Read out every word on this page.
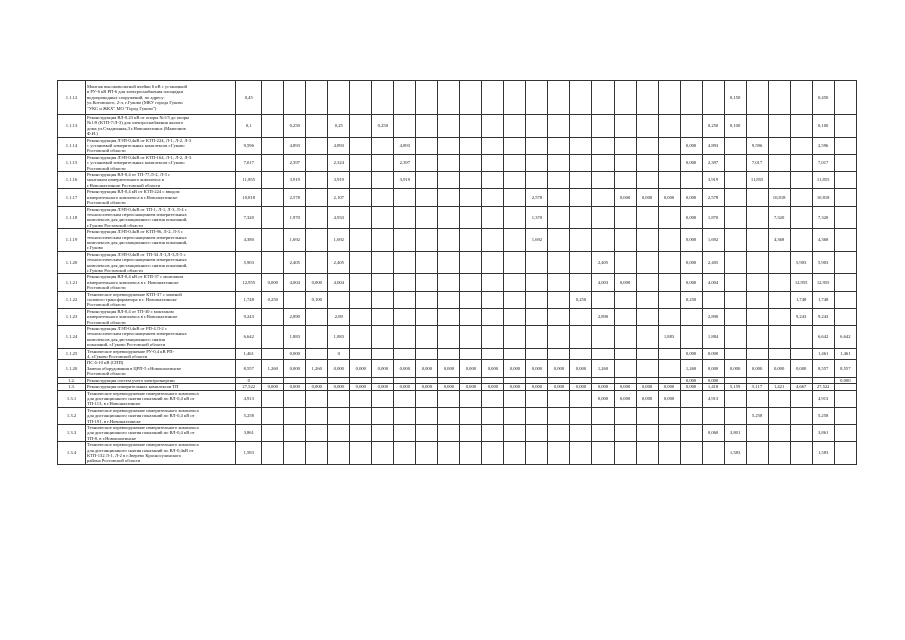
1.1.12	Монтаж высоковольтной ячейки 6 кВ с установкой
в РУ-6 кВ РП-6 для электроснабжения площадки
водопроводных сооружений, по адресу:
ул.Котовского, 2-л, г.Гуково (МКУ города Гуково
"УКС и ЖКХ" МО "Город Гуково")	0,45																						0,150				0,450	
1.1.13	Реконструкция ВЛ-0,23 кВ от опоры №1/5 до опоры
№1/8 (КТП-7/Л-3) для электроснабжения жилого
дома ул.Стадионная,3 г.Новошахтинск (Мажелиов
Ф.И.)	0,1		0,250		0,25		0,250															0,250	0,100				0,100	
1.1.14	Реконструкция ЛЭП-0,4кВ от КТП-224, Л-1, Л-2, Л-3
с установкой измерительных комплексов г.Гуково
Ростовской области	9,596		4,893		4,893			4,893													0,000	4,893		9,596			2,596	
1.1.15	Реконструкция ЛЭП-0,4кВ от КТП-164, Л-1, Л-2, Л-3
с установкой измерительных комплексов г.Гуково
Ростовской области	7,017		2,397		2,324			2,397													0,000	2,397		7,017			7,017	
1.1.16	Реконструкция ВЛ-0,4 от ТП-77,Л-2, Л-3 с
монтажом измерительного комплекса в
г.Новошахтинске Ростовской области	11,855		3,919		3,919			3,919														3,919		11,855			11,855	
1.1.17	Реконструкция ВЛ-0,4 кВ от КТП-224 с вводом
измерительного комплекса в г.Новошахтинске
Ростовской области	10,818		2,578		2,107									2,578				0,000	0,000	0,000	0,000	2,578			10,818		10,818	
1.1.18	Реконструкция ЛЭП-0,4кВ от ТП-1, Л-1, Л-3, Л-4 с
технологическим переоснащением измерительных
комплексов для дистанционного снятия показаний,
г.Гуково Ростовской области	7,320		1,970		4,933									1,370							0,000	1,870			7,320		7,320	
1.1.19	Реконструкция ЛЭП-0,4кВ от КТП-96, Л-2, Л-3 с
технологическим переоснащением измерительных
комплексов для дистанционного снятия показаний,
г.Гуково	4,380		1,692		1,692									1,692							0,000	1,692			4,368		4,368	
1.1.20	Реконструкция ЛЭП-0,4кВ от ТП-34 Л-1,Л-3,Л-5 с
технологическим переоснащением измерительных
комплексов для дистанционного снятия показаний,
г.Гуково Ростовской области	5,903		2,405		2,405												2,405				0,000	2,405				5,903	5,903	
1.1.21	Реконструкция ВЛ-0,4 кВ от КТП-37 с монтажом
измерительного комплекса в г. Новошахтинске
Ростовской области	12,955	0,000	4,004	0,000	4,004												4,003	0,000			0,000	4,004				12,955	12,955	
1.1.22	Техническое перевооружение КТП-37 с заменой
силового трансформатора в г. Новошахтинске
Ростовской области	1,748	0,250		0,100												0,250					0,250					1,748	1,748	
1.1.23	Реконструкция ВЛ-0,4 от ТП-30 с монтажом
измерительного комплекса в г.Новошахтинске
Ростовской области	9,243		2,890		2,89												2,890					2,890				9,243	9,243	
1.1.24	Реконструкция ЛЭП-0,4кВ от РП-4 Л-2 с
технологическим переоснащением измерительных
комплексов для дистанционного снятия
показаний, г.Гуково Ростовской области	6,642		1,883		1,883															1,883		1,884					6,642	6,642
1.1.25	Техническое перевооружение РУ-0,4 кВ РП-
4, г.Гуково Ростовской области	1,461		0,000		0																0,000	0,000					1,461	1,461
1.1.20	ПС 6-10 кВ (СПП)
Замена оборудования в ЦРП-5 г.Новошахтинске
Ростовской области	8,557	1,260	0,000	1,260	0,000	0,000	0,000	0,000	0,000	0,000	0,000	0,000	0,000	0,000	0,000	0,000	1,260				1,260	0,000	0,000	0,000	0,000	0,000	8,557	8,557
1.2.	Реконструкция систем учета электроэнергии	0																				0,000	0,000						0,000
1.3.	Реконструкция измерительных комплексов ТП	27,522	0,000	0,000	0,000	0,000	0,000	0,000	0,000	0,000	0,000	0,000	0,000	0,000	0,000	0,000	0,000	0,000	0,000	0,000	0,000	0,000	1,418	5,159	5,117	1,421	4,667	27,522	
1.3.1	Техническое перевооружение измерительного комплекса
для дистанционного снятия показаний по ВЛ-0,4 кВ от
ТП-113, в г.Новошахтинске	4,913																0,000	0,000	0,000	0,000		4,913					4,913	
1.3.2	Техническое перевооружение измерительного комплекса
для дистанционного снятия показаний по ВЛ-0,4 кВ от
ТП-191, в г.Новошахтинске	5,258																							5,258			5,258	
1.3.3	Техническое перевооружение измерительного комплекса
для дистанционного снятия показаний по ВЛ-0,4 кВ от
ТП-8, в г.Новошахтинске	3,861																					0,060	3,801				3,861	
1.3.4	Техническое перевооружение измерительного комплекса
для дистанционного снятия показаний по ВЛ-0,4кВ от
КТП-132 Л-1, Л-2 в г.Зверево Красносулинского
района Ростовской области	1,583																						1,583				1,583	
